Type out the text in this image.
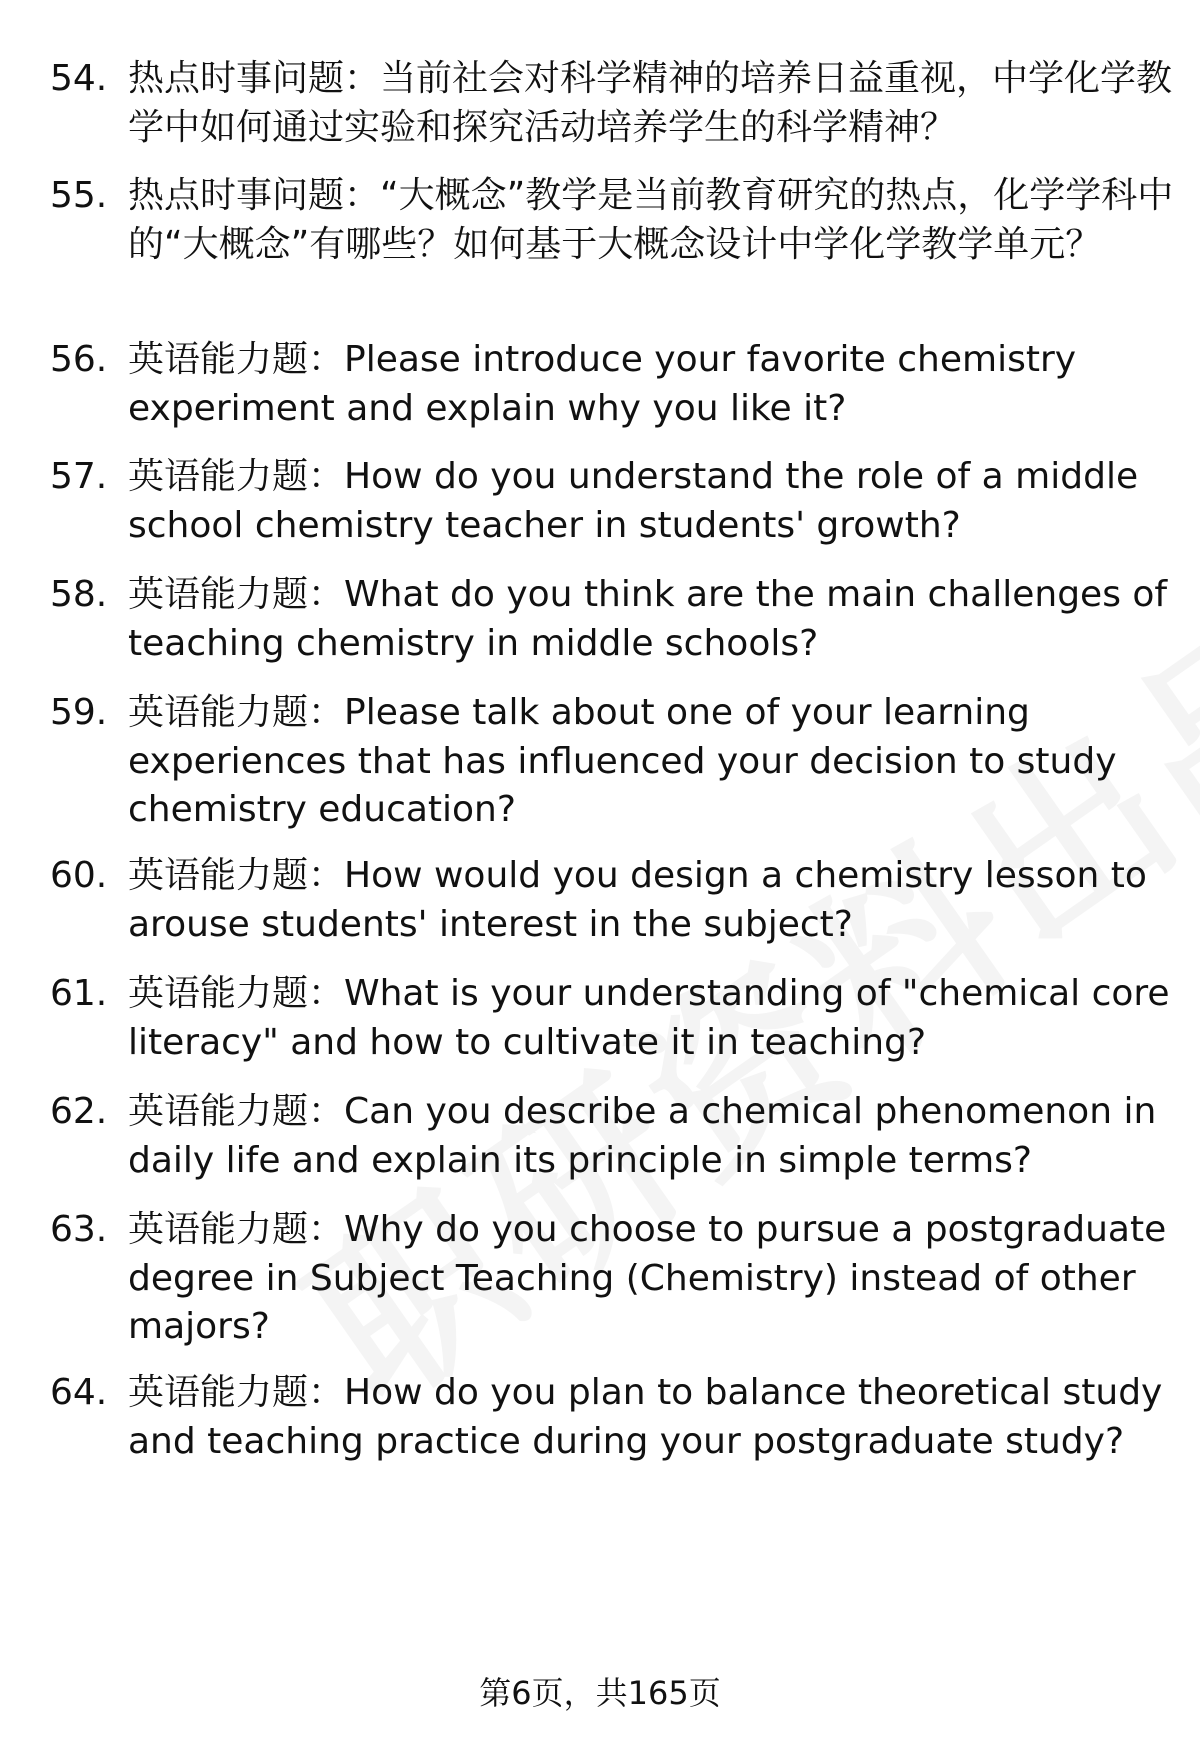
54. 热点时事问题：当前社会对科学精神的培养日益重视，中学化学教学中如何通过实验和探究活动培养学生的科学精神？
55. 热点时事问题：“大概念”教学是当前教育研究的热点，化学学科中的“大概念”有哪些？如何基于大概念设计中学化学教学单元？
56. 英语能力题：Please introduce your favorite chemistry experiment and explain why you like it?
57. 英语能力题：How do you understand the role of a middle school chemistry teacher in students' growth?
58. 英语能力题：What do you think are the main challenges of teaching chemistry in middle schools?
59. 英语能力题：Please talk about one of your learning experiences that has influenced your decision to study chemistry education?
60. 英语能力题：How would you design a chemistry lesson to arouse students' interest in the subject?
61. 英语能力题：What is your understanding of "chemical core literacy" and how to cultivate it in teaching?
62. 英语能力题：Can you describe a chemical phenomenon in daily life and explain its principle in simple terms?
63. 英语能力题：Why do you choose to pursue a postgraduate degree in Subject Teaching (Chemistry) instead of other majors?
64. 英语能力题：How do you plan to balance theoretical study and teaching practice during your postgraduate study?
第6页，共165页
